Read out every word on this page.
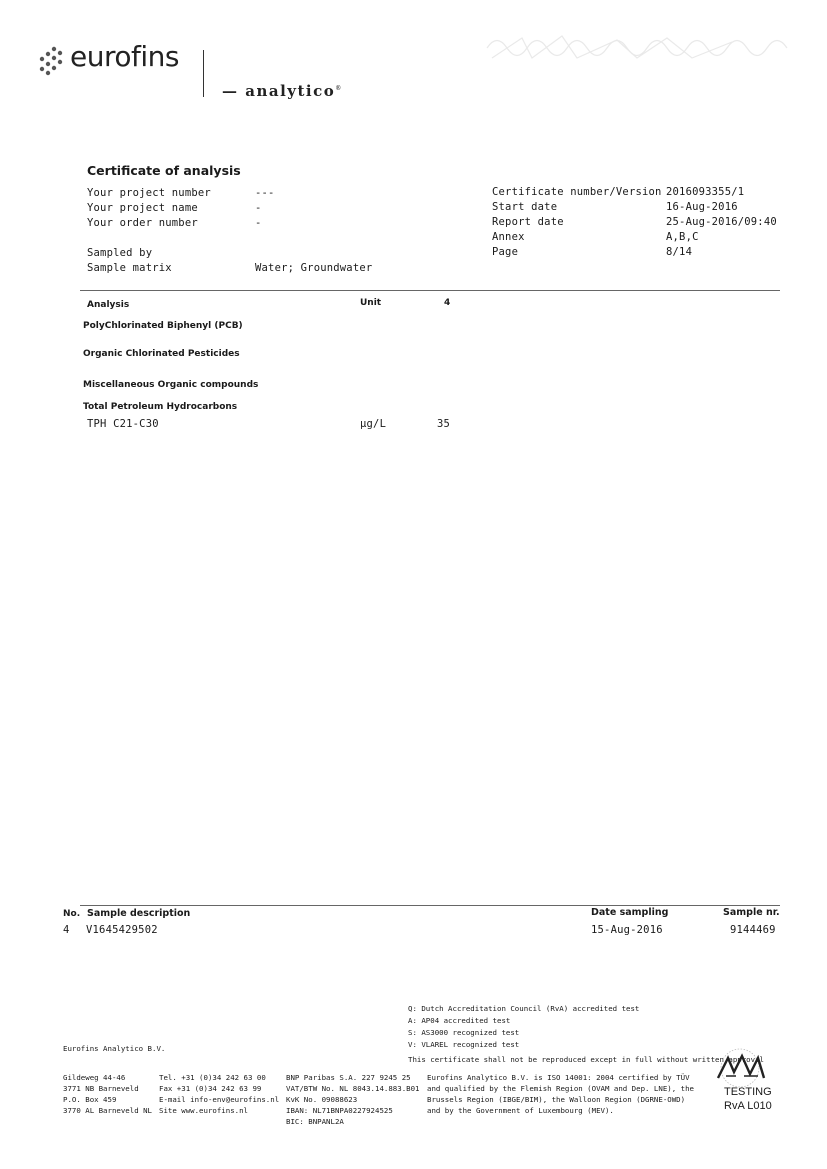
eurofins
— analytico®
Certificate of analysis
Your project number	---
Your project name	-
Your order number	-
Sampled by
Sample matrix	Water; Groundwater
Certificate number/Version 2016093355/1
Start date	16-Aug-2016
Report date	25-Aug-2016/09:40
Annex	A,B,C
Page	8/14
Analysis	Unit	4
PolyChlorinated Biphenyl (PCB)
Organic Chlorinated Pesticides
Miscellaneous Organic compounds
Total Petroleum Hydrocarbons
TPH C21-C30	µg/L	35
No. Sample description	Date sampling	Sample nr.
4 V1645429502	15-Aug-2016	9144469
Q: Dutch Accreditation Council (RvA) accredited test
A: AP04 accredited test
S: AS3000 recognized test
V: VLAREL recognized test
This certificate shall not be reproduced except in full without written approval
Eurofins Analytico B.V.
Gildeweg 44-46
3771 NB Barneveld
P.O. Box 459
3770 AL Barneveld NL
Tel. +31 (0)34 242 63 00
Fax +31 (0)34 242 63 99
E-mail info-env@eurofins.nl
Site www.eurofins.nl
BNP Paribas S.A. 227 9245 25
VAT/BTW No. NL 8043.14.883.B01
KvK No. 09088623
IBAN: NL71BNPA0227924525
BIC: BNPANL2A
Eurofins Analytico B.V. is ISO 14001: 2004 certified by TÜV
and qualified by the Flemish Region (OVAM and Dep. LNE), the
Brussels Region (IBGE/BIM), the Walloon Region (DGRNE-OWD)
and by the Government of Luxembourg (MEV).
TESTING
RvA L010
